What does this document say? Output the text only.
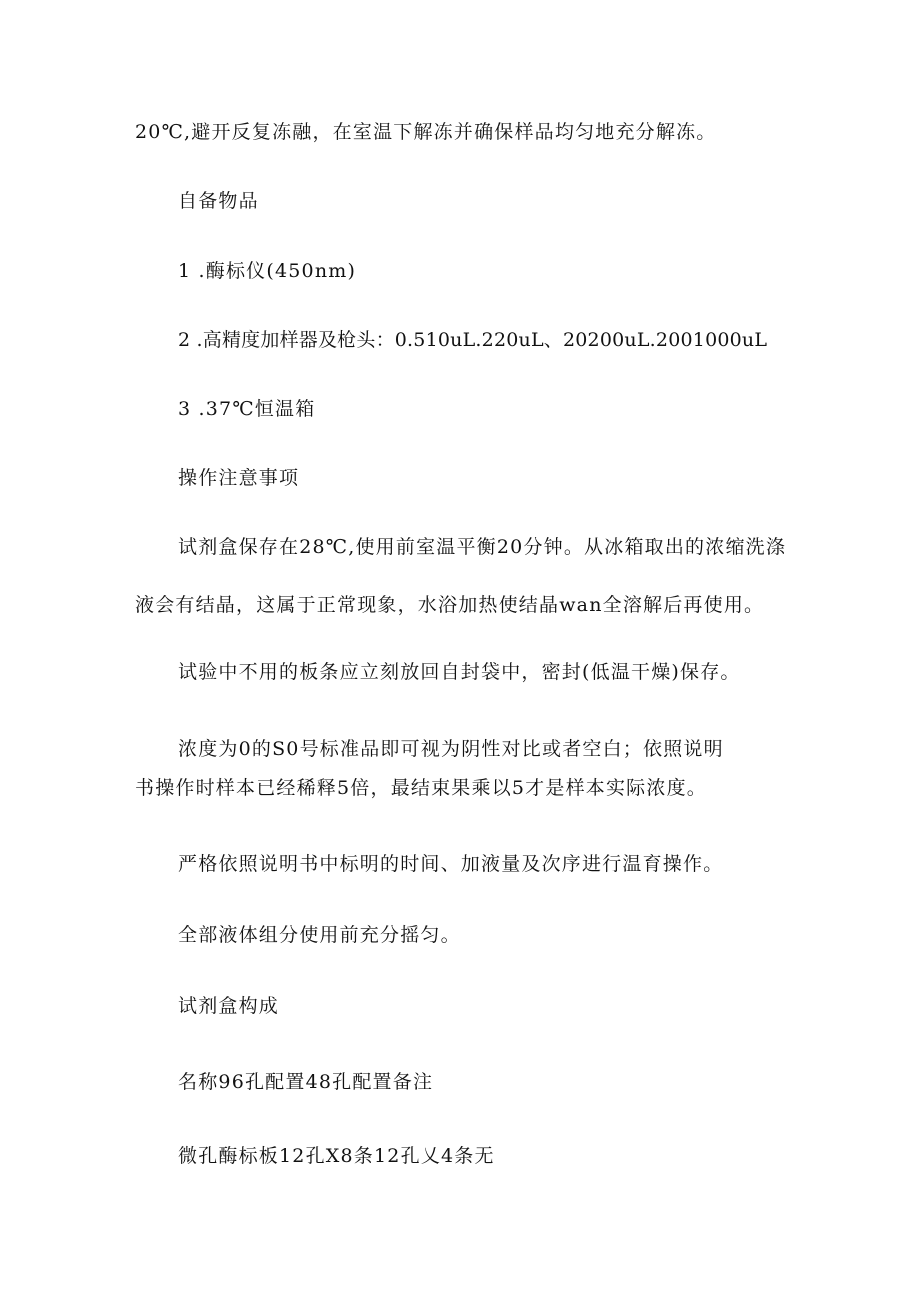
20℃,避开反复冻融，在室温下解冻并确保样品均匀地充分解冻。

自备物品

1 .酶标仪(450nm)

2 .高精度加样器及枪头：0.510uL.220uL、20200uL.2001000uL

3 .37℃恒温箱

操作注意事项

试剂盒保存在28℃,使用前室温平衡20分钟。从冰箱取出的浓缩洗涤

液会有结晶，这属于正常现象，水浴加热使结晶wan全溶解后再使用。

试验中不用的板条应立刻放回自封袋中，密封(低温干燥)保存。

浓度为0的S0号标准品即可视为阴性对比或者空白；依照说明

书操作时样本已经稀释5倍，最结束果乘以5才是样本实际浓度。

严格依照说明书中标明的时间、加液量及次序进行温育操作。

全部液体组分使用前充分摇匀。

试剂盒构成

名称96孔配置48孔配置备注

微孔酶标板12孔X8条12孔乂4条无
